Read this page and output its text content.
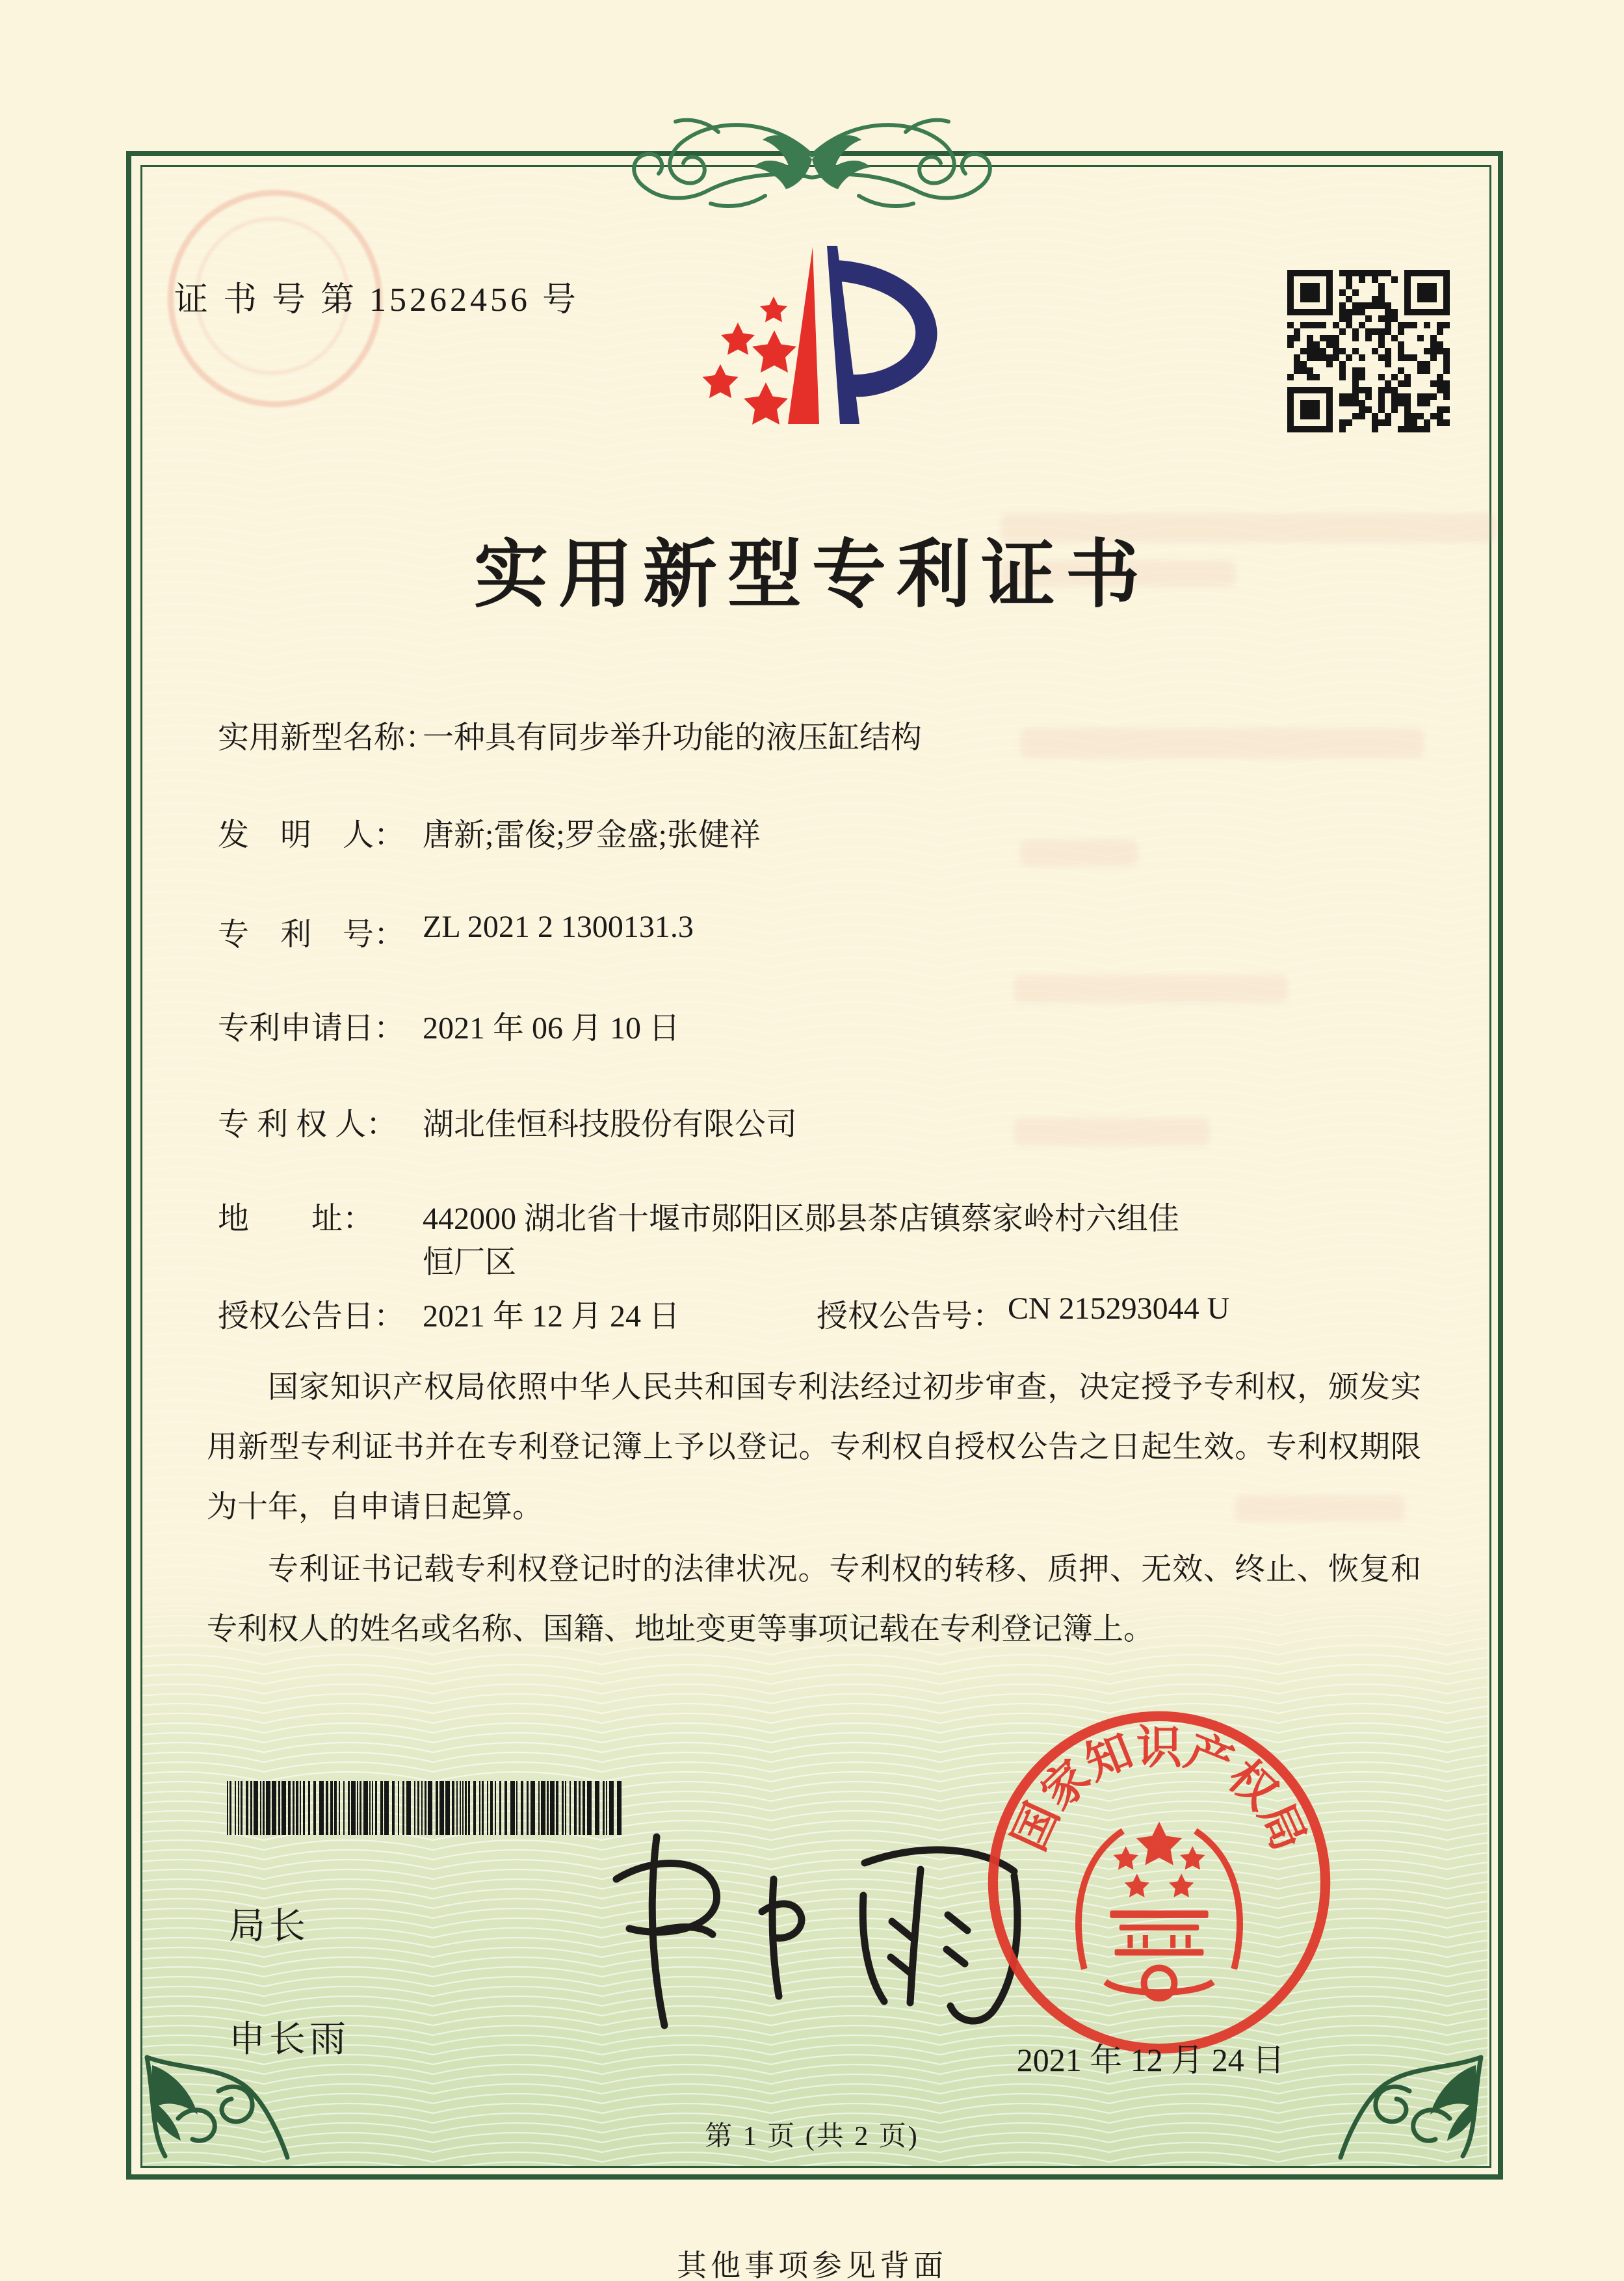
证 书 号 第 15262456 号
实用新型专利证书
实用新型名称：
一种具有同步举升功能的液压缸结构
发　明　人： 唐新;雷俊;罗金盛;张健祥
专　利　号： ZL 2021 2 1300131.3
专利申请日： 2021 年 06 月 10 日
专 利 权 人： 湖北佳恒科技股份有限公司
地　　址： 442000 湖北省十堰市郧阳区郧县茶店镇蔡家岭村六组佳
恒厂区
授权公告日： 2021 年 12 月 24 日	授权公告号： CN 215293044 U
国家知识产权局依照中华人民共和国专利法经过初步审查，决定授予专利权，颁发实用新型专利证书并在专利登记簿上予以登记。专利权自授权公告之日起生效。专利权期限为十年，自申请日起算。
专利证书记载专利权登记时的法律状况。专利权的转移、质押、无效、终止、恢复和专利权人的姓名或名称、国籍、地址变更等事项记载在专利登记簿上。
局长
申长雨
国家知识产权局
2021 年 12 月 24 日
第 1 页 (共 2 页)
其他事项参见背面
